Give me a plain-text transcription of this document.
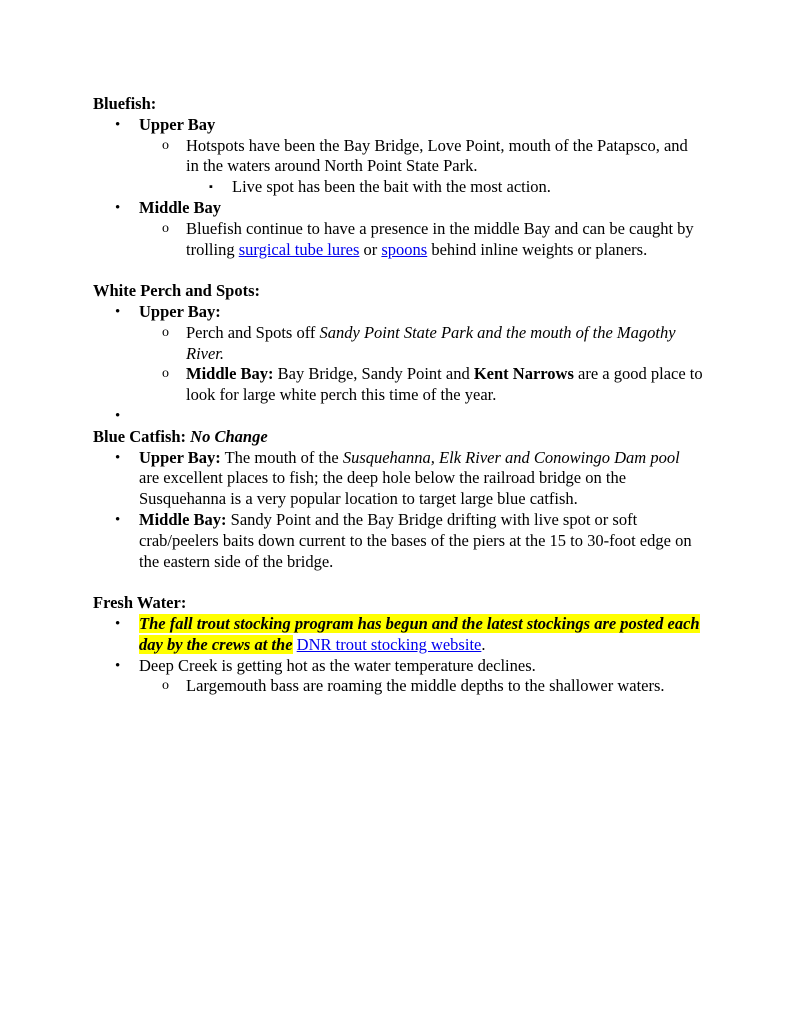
Bluefish:

• Upper Bay
o Hotspots have been the Bay Bridge, Love Point, mouth of the Patapsco, and in the waters around North Point State Park.
▪ Live spot has been the bait with the most action.
• Middle Bay
o Bluefish continue to have a presence in the middle Bay and can be caught by trolling surgical tube lures or spoons behind inline weights or planers.

White Perch and Spots:

• Upper Bay:
o Perch and Spots off Sandy Point State Park and the mouth of the Magothy River.
o Middle Bay: Bay Bridge, Sandy Point and Kent Narrows are a good place to look for large white perch this time of the year.
•

Blue Catfish: No Change

• Upper Bay: The mouth of the Susquehanna, Elk River and Conowingo Dam pool are excellent places to fish; the deep hole below the railroad bridge on the Susquehanna is a very popular location to target large blue catfish.
• Middle Bay: Sandy Point and the Bay Bridge drifting with live spot or soft crab/peelers baits down current to the bases of the piers at the 15 to 30-foot edge on the eastern side of the bridge.

Fresh Water:

• The fall trout stocking program has begun and the latest stockings are posted each day by the crews at the DNR trout stocking website.
• Deep Creek is getting hot as the water temperature declines.
o Largemouth bass are roaming the middle depths to the shallower waters.
